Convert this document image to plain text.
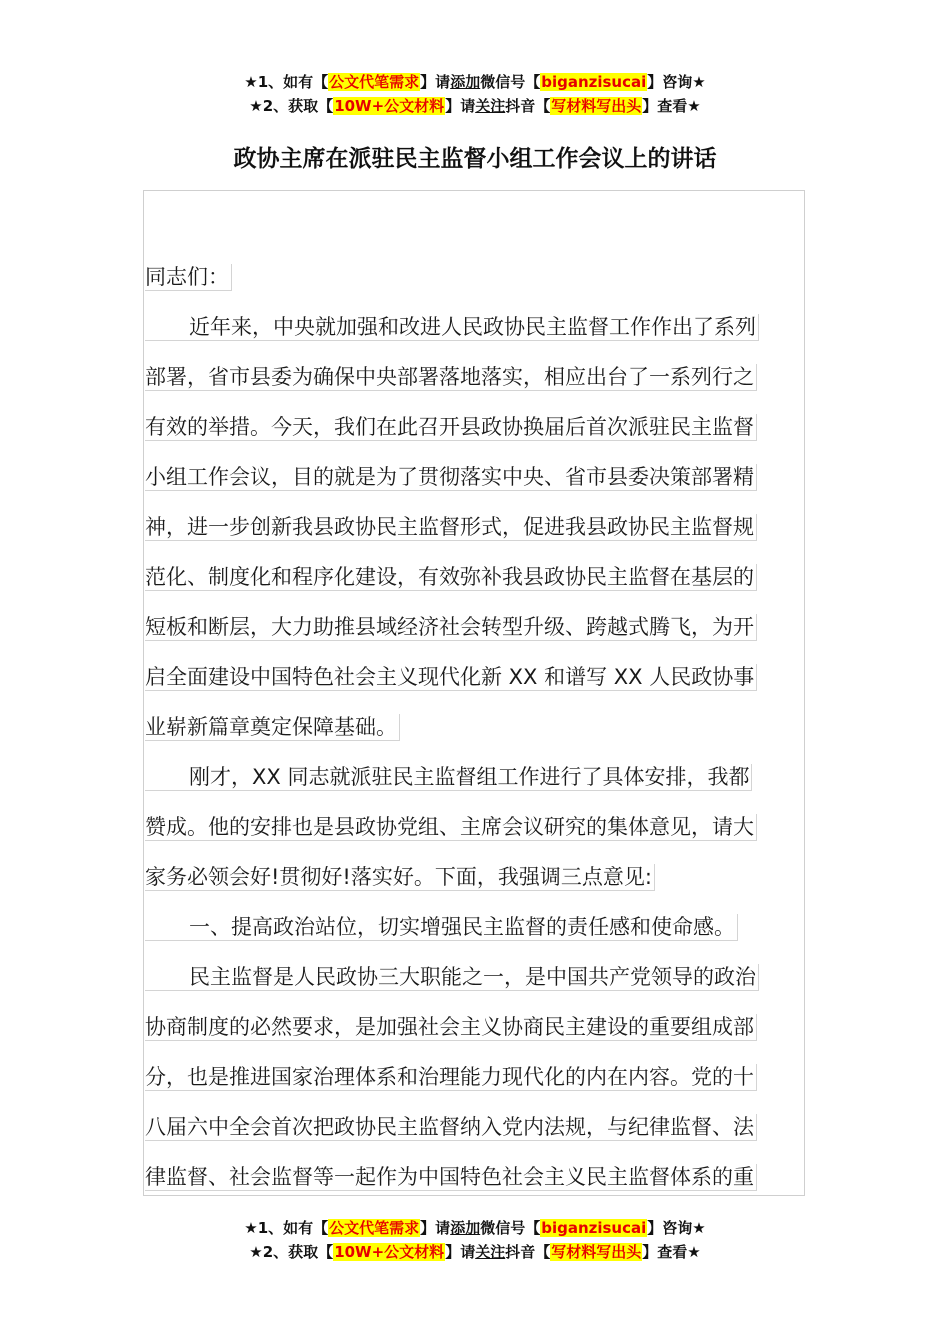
★1、如有【公文代笔需求】请添加微信号【biganzisucai】咨询★
★2、获取【10W+公文材料】请关注抖音【写材料写出头】查看★
政协主席在派驻民主监督小组工作会议上的讲话
同志们：
近年来，中央就加强和改进人民政协民主监督工作作出了系列
部署，省市县委为确保中央部署落地落实，相应出台了一系列行之
有效的举措。今天，我们在此召开县政协换届后首次派驻民主监督
小组工作会议，目的就是为了贯彻落实中央、省市县委决策部署精
神，进一步创新我县政协民主监督形式，促进我县政协民主监督规
范化、制度化和程序化建设，有效弥补我县政协民主监督在基层的
短板和断层，大力助推县域经济社会转型升级、跨越式腾飞，为开
启全面建设中国特色社会主义现代化新 XX 和谱写 XX 人民政协事
业崭新篇章奠定保障基础。
刚才，XX 同志就派驻民主监督组工作进行了具体安排，我都
赞成。他的安排也是县政协党组、主席会议研究的集体意见，请大
家务必领会好!贯彻好!落实好。下面，我强调三点意见:
一、提高政治站位，切实增强民主监督的责任感和使命感。
民主监督是人民政协三大职能之一，是中国共产党领导的政治
协商制度的必然要求，是加强社会主义协商民主建设的重要组成部
分，也是推进国家治理体系和治理能力现代化的内在内容。党的十
八届六中全会首次把政协民主监督纳入党内法规，与纪律监督、法
律监督、社会监督等一起作为中国特色社会主义民主监督体系的重
★1、如有【公文代笔需求】请添加微信号【biganzisucai】咨询★
★2、获取【10W+公文材料】请关注抖音【写材料写出头】查看★
